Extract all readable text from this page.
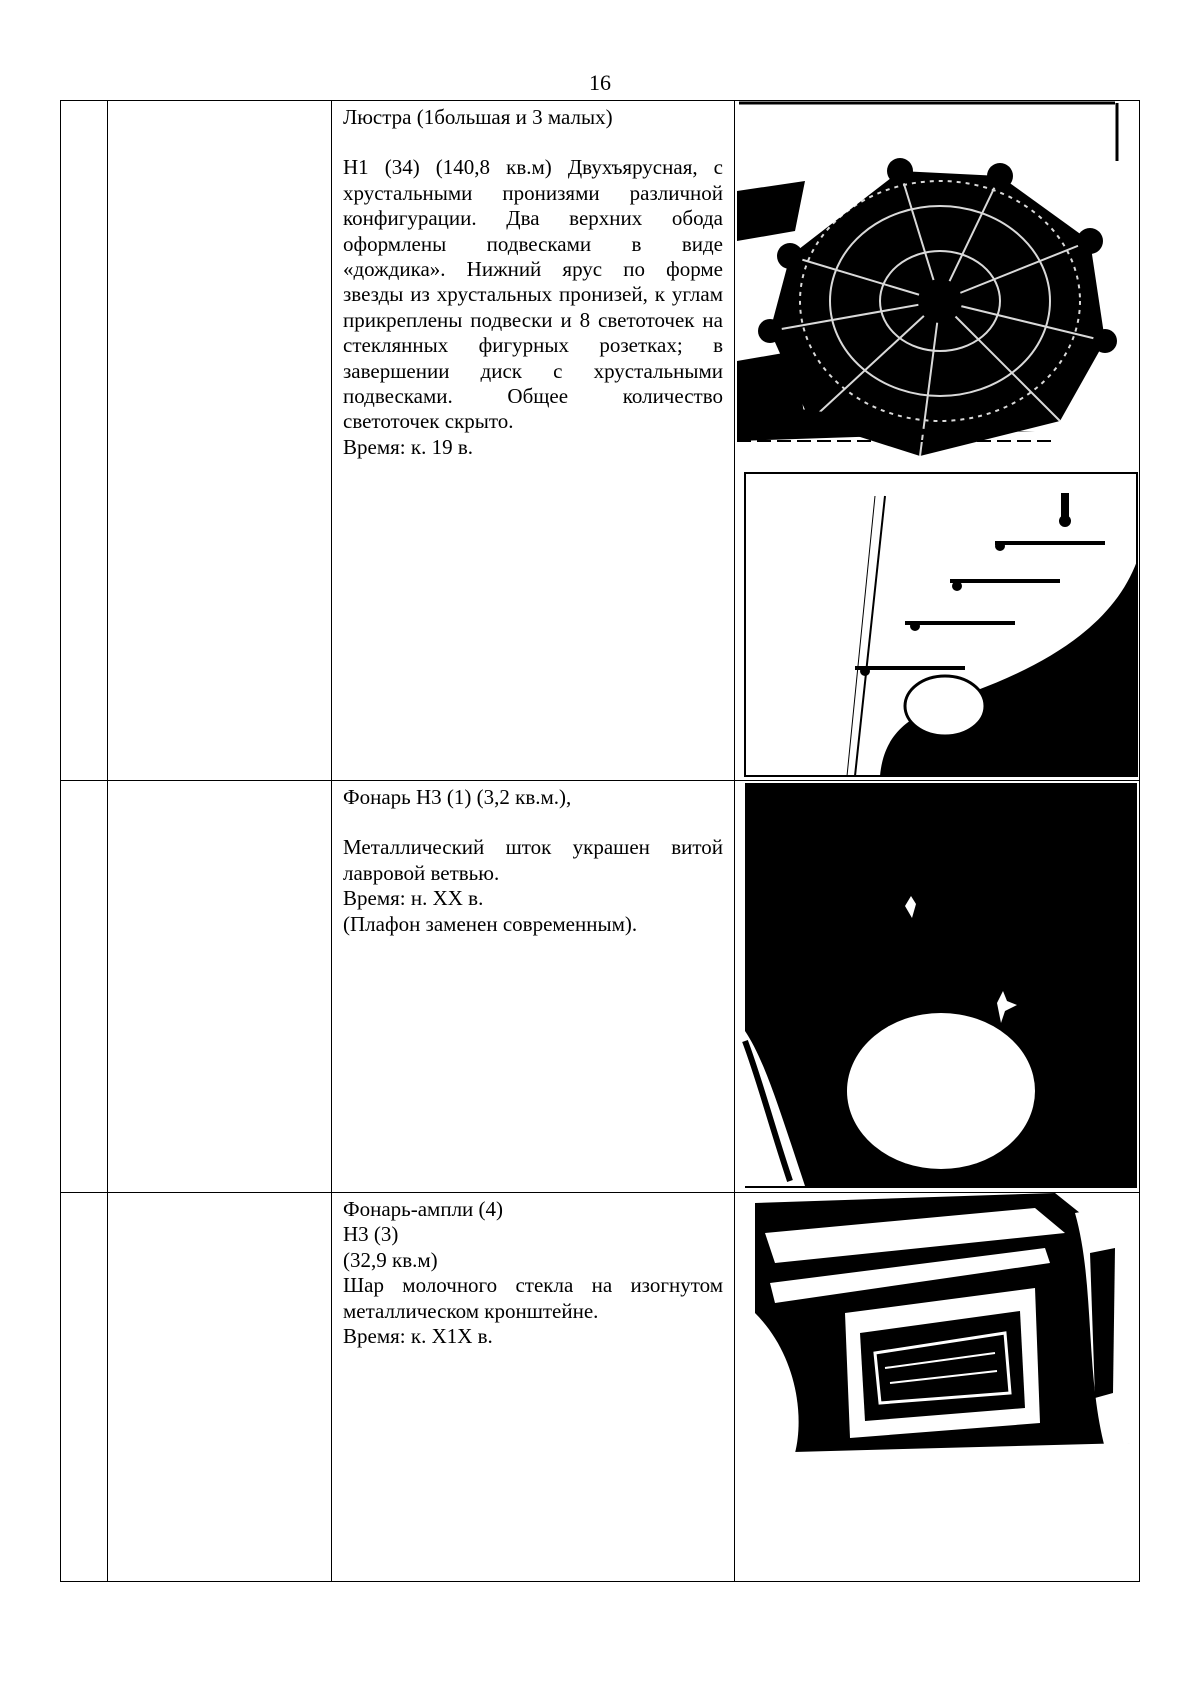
16

		Люстра (1большая и 3 малых)

Н1 (34) (140,8 кв.м) Двухъярусная, с хрустальными пронизями различной конфигурации. Два верхних обода оформлены подвесками в виде «дождика». Нижний ярус по форме звезды из хрустальных пронизей, к углам прикреплены подвески и 8 светоточек на стеклянных фигурных розетках; в завершении диск с хрустальными подвесками. Общее количество светоточек скрыто.

Время: к. 19 в.

		Фонарь Н3 (1) (3,2 кв.м.),

Металлический шток украшен витой лавровой ветвью.

Время: н. XX в.

(Плафон заменен современным).

		Фонарь-ампли (4)

Н3 (3)

(32,9 кв.м)

Шар молочного стекла на изогнутом металлическом кронштейне.

Время: к. Х1Х в.
